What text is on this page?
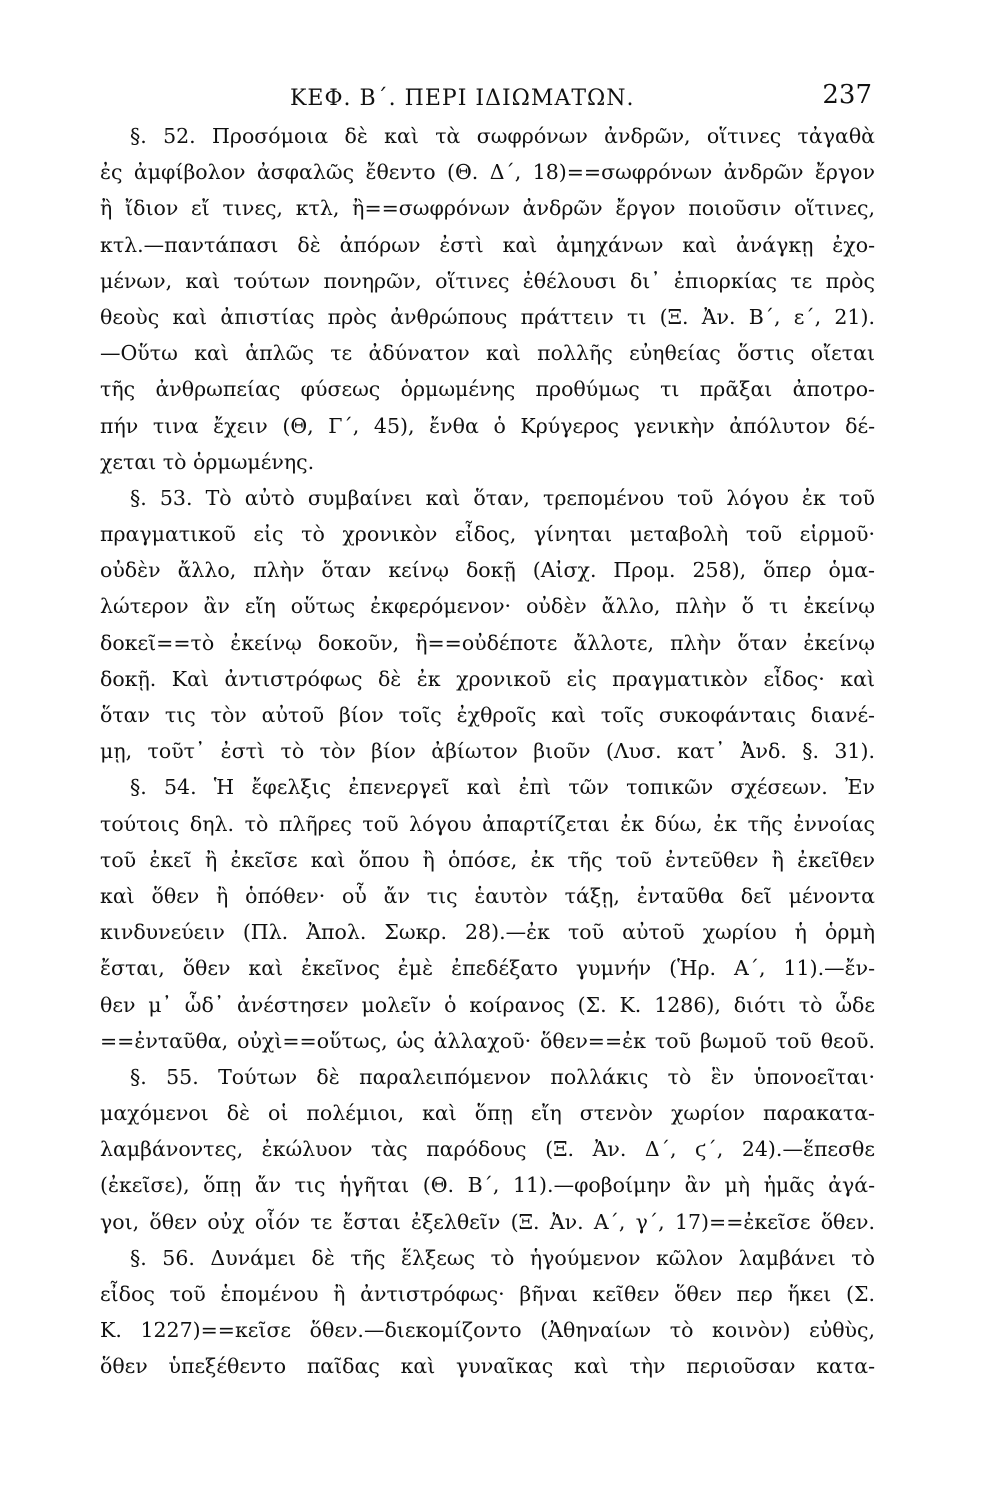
ΚΕΦ. Β΄. ΠΕΡΙ ΙΔΙΩΜΑΤΩΝ.	237
§. 52. Προσόμοια δὲ καὶ τὰ σωφρόνων ἀνδρῶν, οἵτινες τἀγαθὰ
ἐς ἀμφίβολον ἀσφαλῶς ἔθεντο (Θ. Δ΄, 18)==σωφρόνων ἀνδρῶν ἔργον
ἢ ἴδιον εἴ τινες, κτλ, ἢ==σωφρόνων ἀνδρῶν ἔργον ποιοῦσιν οἵτινες,
κτλ.—παντάπασι δὲ ἀπόρων ἐστὶ καὶ ἀμηχάνων καὶ ἀνάγκῃ ἐχο-
μένων, καὶ τούτων πονηρῶν, οἵτινες ἐθέλουσι δι᾽ ἐπιορκίας τε πρὸς
θεοὺς καὶ ἀπιστίας πρὸς ἀνθρώπους πράττειν τι (Ξ. Ἀν. Β΄, ε΄, 21).
—Οὕτω καὶ ἁπλῶς τε ἀδύνατον καὶ πολλῆς εὐηθείας ὅστις οἴεται
τῆς ἀνθρωπείας φύσεως ὁρμωμένης προθύμως τι πρᾶξαι ἀποτρο-
πήν τινα ἔχειν (Θ, Γ΄, 45), ἔνθα ὁ Κρύγερος γενικὴν ἀπόλυτον δέ-
χεται τὸ ὁρμωμένης.
§. 53. Τὸ αὐτὸ συμβαίνει καὶ ὅταν, τρεπομένου τοῦ λόγου ἐκ τοῦ
πραγματικοῦ εἰς τὸ χρονικὸν εἶδος, γίνηται μεταβολὴ τοῦ εἱρμοῦ·
οὐδὲν ἄλλο, πλὴν ὅταν κείνῳ δοκῇ (Αἰσχ. Προμ. 258), ὅπερ ὁμα-
λώτερον ἂν εἴη οὕτως ἐκφερόμενον· οὐδὲν ἄλλο, πλὴν ὅ τι ἐκείνῳ
δοκεῖ==τὸ ἐκείνῳ δοκοῦν, ἢ==οὐδέποτε ἄλλοτε, πλὴν ὅταν ἐκείνῳ
δοκῇ. Καὶ ἀντιστρόφως δὲ ἐκ χρονικοῦ εἰς πραγματικὸν εἶδος· καὶ
ὅταν τις τὸν αὐτοῦ βίον τοῖς ἐχθροῖς καὶ τοῖς συκοφάνταις διανέ-
μῃ, τοῦτ᾽ ἐστὶ τὸ τὸν βίον ἀβίωτον βιοῦν (Λυσ. κατ᾽ Ἀνδ. §. 31).
§. 54. Ἡ ἔφελξις ἐπενεργεῖ καὶ ἐπὶ τῶν τοπικῶν σχέσεων. Ἐν
τούτοις δηλ. τὸ πλῆρες τοῦ λόγου ἀπαρτίζεται ἐκ δύω, ἐκ τῆς ἐννοίας
τοῦ ἐκεῖ ἢ ἐκεῖσε καὶ ὅπου ἢ ὁπόσε, ἐκ τῆς τοῦ ἐντεῦθεν ἢ ἐκεῖθεν
καὶ ὅθεν ἢ ὁπόθεν· οὗ ἄν τις ἑαυτὸν τάξῃ, ἐνταῦθα δεῖ μένοντα
κινδυνεύειν (Πλ. Ἀπολ. Σωκρ. 28).—ἐκ τοῦ αὐτοῦ χωρίου ἡ ὁρμὴ
ἔσται, ὅθεν καὶ ἐκεῖνος ἐμὲ ἐπεδέξατο γυμνήν (Ἡρ. Α΄, 11).—ἔν-
θεν μ᾽ ὧδ᾽ ἀνέστησεν μολεῖν ὁ κοίρανος (Σ. Κ. 1286), διότι τὸ ὧδε
==ἐνταῦθα, οὐχὶ==οὕτως, ὡς ἀλλαχοῦ· ὅθεν==ἐκ τοῦ βωμοῦ τοῦ θεοῦ.
§. 55. Τούτων δὲ παραλειπόμενον πολλάκις τὸ ἓν ὑπονοεῖται·
μαχόμενοι δὲ οἱ πολέμιοι, καὶ ὅπῃ εἴη στενὸν χωρίον παρακατα-
λαμβάνοντες, ἐκώλυον τὰς παρόδους (Ξ. Ἀν. Δ΄, ϛ΄, 24).—ἕπεσθε
(ἐκεῖσε), ὅπῃ ἄν τις ἡγῆται (Θ. Β΄, 11).—φοβοίμην ἂν μὴ ἡμᾶς ἀγά-
γοι, ὅθεν οὐχ οἷόν τε ἔσται ἐξελθεῖν (Ξ. Ἀν. Α΄, γ΄, 17)==ἐκεῖσε ὅθεν.
§. 56. Δυνάμει δὲ τῆς ἕλξεως τὸ ἡγούμενον κῶλον λαμβάνει τὸ
εἶδος τοῦ ἑπομένου ἢ ἀντιστρόφως· βῆναι κεῖθεν ὅθεν περ ἥκει (Σ.
Κ. 1227)==κεῖσε ὅθεν.—διεκομίζοντο (Ἀθηναίων τὸ κοινὸν) εὐθὺς,
ὅθεν ὑπεξέθεντο παῖδας καὶ γυναῖκας καὶ τὴν περιοῦσαν κατα-
